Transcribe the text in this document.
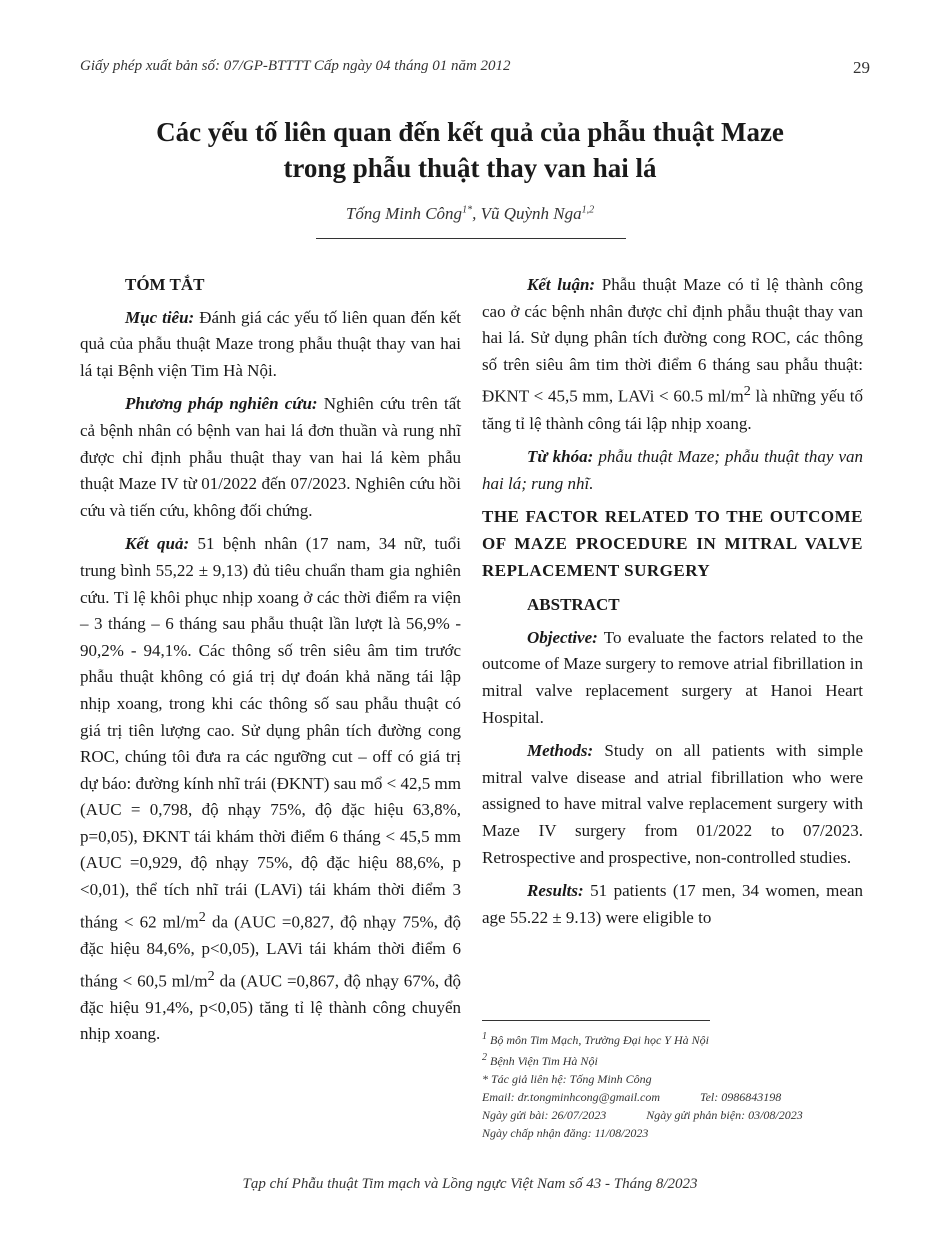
Giấy phép xuất bản số: 07/GP-BTTTT Cấp ngày 04 tháng 01 năm 2012	29
Các yếu tố liên quan đến kết quả của phẫu thuật Maze
trong phẫu thuật thay van hai lá
Tống Minh Công$^{1*}$, Vũ Quỳnh Nga$^{1,2}$
TÓM TẮT

Mục tiêu: Đánh giá các yếu tố liên quan đến kết quả của phẫu thuật Maze trong phẫu thuật thay van hai lá tại Bệnh viện Tim Hà Nội.

Phương pháp nghiên cứu: Nghiên cứu trên tất cả bệnh nhân có bệnh van hai lá đơn thuần và rung nhĩ được chỉ định phẫu thuật thay van hai lá kèm phẫu thuật Maze IV từ 01/2022 đến 07/2023. Nghiên cứu hồi cứu và tiến cứu, không đối chứng.

Kết quả: 51 bệnh nhân (17 nam, 34 nữ, tuổi trung bình 55,22 ± 9,13) đủ tiêu chuẩn tham gia nghiên cứu. Tỉ lệ khôi phục nhịp xoang ở các thời điểm ra viện – 3 tháng – 6 tháng sau phẫu thuật lần lượt là 56,9% - 90,2% - 94,1%. Các thông số trên siêu âm tim trước phẫu thuật không có giá trị dự đoán khả năng tái lập nhịp xoang, trong khi các thông số sau phẫu thuật có giá trị tiên lượng cao. Sử dụng phân tích đường cong ROC, chúng tôi đưa ra các ngưỡng cut – off có giá trị dự báo: đường kính nhĩ trái (ĐKNT) sau mổ < 42,5 mm (AUC = 0,798, độ nhạy 75%, độ đặc hiệu 63,8%, p=0,05), ĐKNT tái khám thời điểm 6 tháng < 45,5 mm (AUC =0,929, độ nhạy 75%, độ đặc hiệu 88,6%, p <0,01), thể tích nhĩ trái (LAVi) tái khám thời điểm 3 tháng < 62 $ml/m^2$ da (AUC =0,827, độ nhạy 75%, độ đặc hiệu 84,6%, p<0,05), LAVi tái khám thời điểm 6 tháng < 60,5 $ml/m^2$ da (AUC =0,867, độ nhạy 67%, độ đặc hiệu 91,4%, p<0,05) tăng tỉ lệ thành công chuyển nhịp xoang.

Kết luận: Phẫu thuật Maze có tỉ lệ thành công cao ở các bệnh nhân được chỉ định phẫu thuật thay van hai lá. Sử dụng phân tích đường cong ROC, các thông số trên siêu âm tim thời điểm 6 tháng sau phẫu thuật: ĐKNT < 45,5 mm, LAVi < 60.5 $ml/m^2$ là những yếu tố tăng tỉ lệ thành công tái lập nhịp xoang.

Từ khóa: phẫu thuật Maze; phẫu thuật thay van hai lá; rung nhĩ.

THE FACTOR RELATED TO THE OUTCOME OF MAZE PROCEDURE IN MITRAL VALVE REPLACEMENT SURGERY

ABSTRACT

Objective: To evaluate the factors related to the outcome of Maze surgery to remove atrial fibrillation in mitral valve replacement surgery at Hanoi Heart Hospital.

Methods: Study on all patients with simple mitral valve disease and atrial fibrillation who were assigned to have mitral valve replacement surgery with Maze IV surgery from 01/2022 to 07/2023. Retrospective and prospective, non-controlled studies.

Results: 51 patients (17 men, 34 women, mean age 55.22 ± 9.13) were eligible to

$^1$ Bộ môn Tim Mạch, Trường Đại học Y Hà Nội
$^2$ Bệnh Viện Tim Hà Nội
* Tác giả liên hệ: Tống Minh Công
Email: dr.tongminhcong@gmail.com	Tel: 0986843198
Ngày gửi bài: 26/07/2023	Ngày gửi phản biện: 03/08/2023
Ngày chấp nhận đăng: 11/08/2023
Tạp chí Phẫu thuật Tim mạch và Lồng ngực Việt Nam số 43 - Tháng 8/2023
